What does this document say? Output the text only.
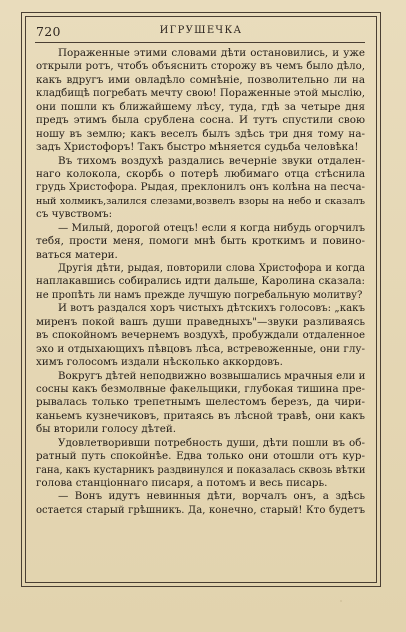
720	ИГРУШЕЧКА
Пораженные этими словами дѣти остановились, и уже
открыли ротъ, чтобъ объяснить сторожу въ чемъ было дѣло,
какъ вдругъ ими овладѣло сомнѣніе, позволительно ли на
кладбищѣ погребать мечту свою! Пораженные этой мыслію,
они пошли къ ближайшему лѣсу, туда, гдѣ за четыре дня
предъ этимъ была срублена сосна. И тутъ спустили свою
ношу въ землю; какъ веселъ былъ здѣсь три дня тому на-
задъ Христофоръ! Такъ быстро мѣняется судьба человѣка!
Въ тихомъ воздухѣ раздались вечерніе звуки отдален-
наго колокола, скорбь о потерѣ любимаго отца стѣснила
грудь Христофора. Рыдая, преклонилъ онъ колѣна на песча-
ный холмикъ,залился слезами,возвелъ взоры на небо и сказалъ
съ чувствомъ:
— Милый, дорогой отецъ! если я когда нибудь огорчилъ
тебя, прости меня, помоги мнѣ быть кроткимъ и повино-
ваться матери.
Другія дѣти, рыдая, повторили слова Христофора и когда
наплакавшись собирались идти дальше, Каролина сказала:
не пропѣть ли намъ прежде лучшую погребальную молитву?
И вотъ раздался хоръ чистыхъ дѣтскихъ голосовъ: „какъ
миренъ покой вашъ души праведныхъ"—звуки разливаясь
въ спокойномъ вечернемъ воздухѣ, пробуждали отдаленное
эхо и отдыхающихъ пѣвцовъ лѣса, встревоженные, они глу-
химъ голосомъ издали нѣсколько аккордовъ.
Вокругъ дѣтей неподвижно возвышались мрачныя ели и
сосны какъ безмолвные факельщики, глубокая тишина пре-
рывалась только трепетнымъ шелестомъ березъ, да чири-
каньемъ кузнечиковъ, притаясь въ лѣсной травѣ, они какъ
бы вторили голосу дѣтей.
Удовлетворивши потребность души, дѣти пошли въ об-
ратный путь спокойнѣе. Едва только они отошли отъ кур-
гана, какъ кустарникъ раздвинулся и показалась сквозь вѣтки
голова станціоннаго писаря, а потомъ и весь писарь.
— Вонъ идутъ невинныя дѣти, ворчалъ онъ, а здѣсь
остается старый грѣшникъ. Да, конечно, старый! Кто будетъ
